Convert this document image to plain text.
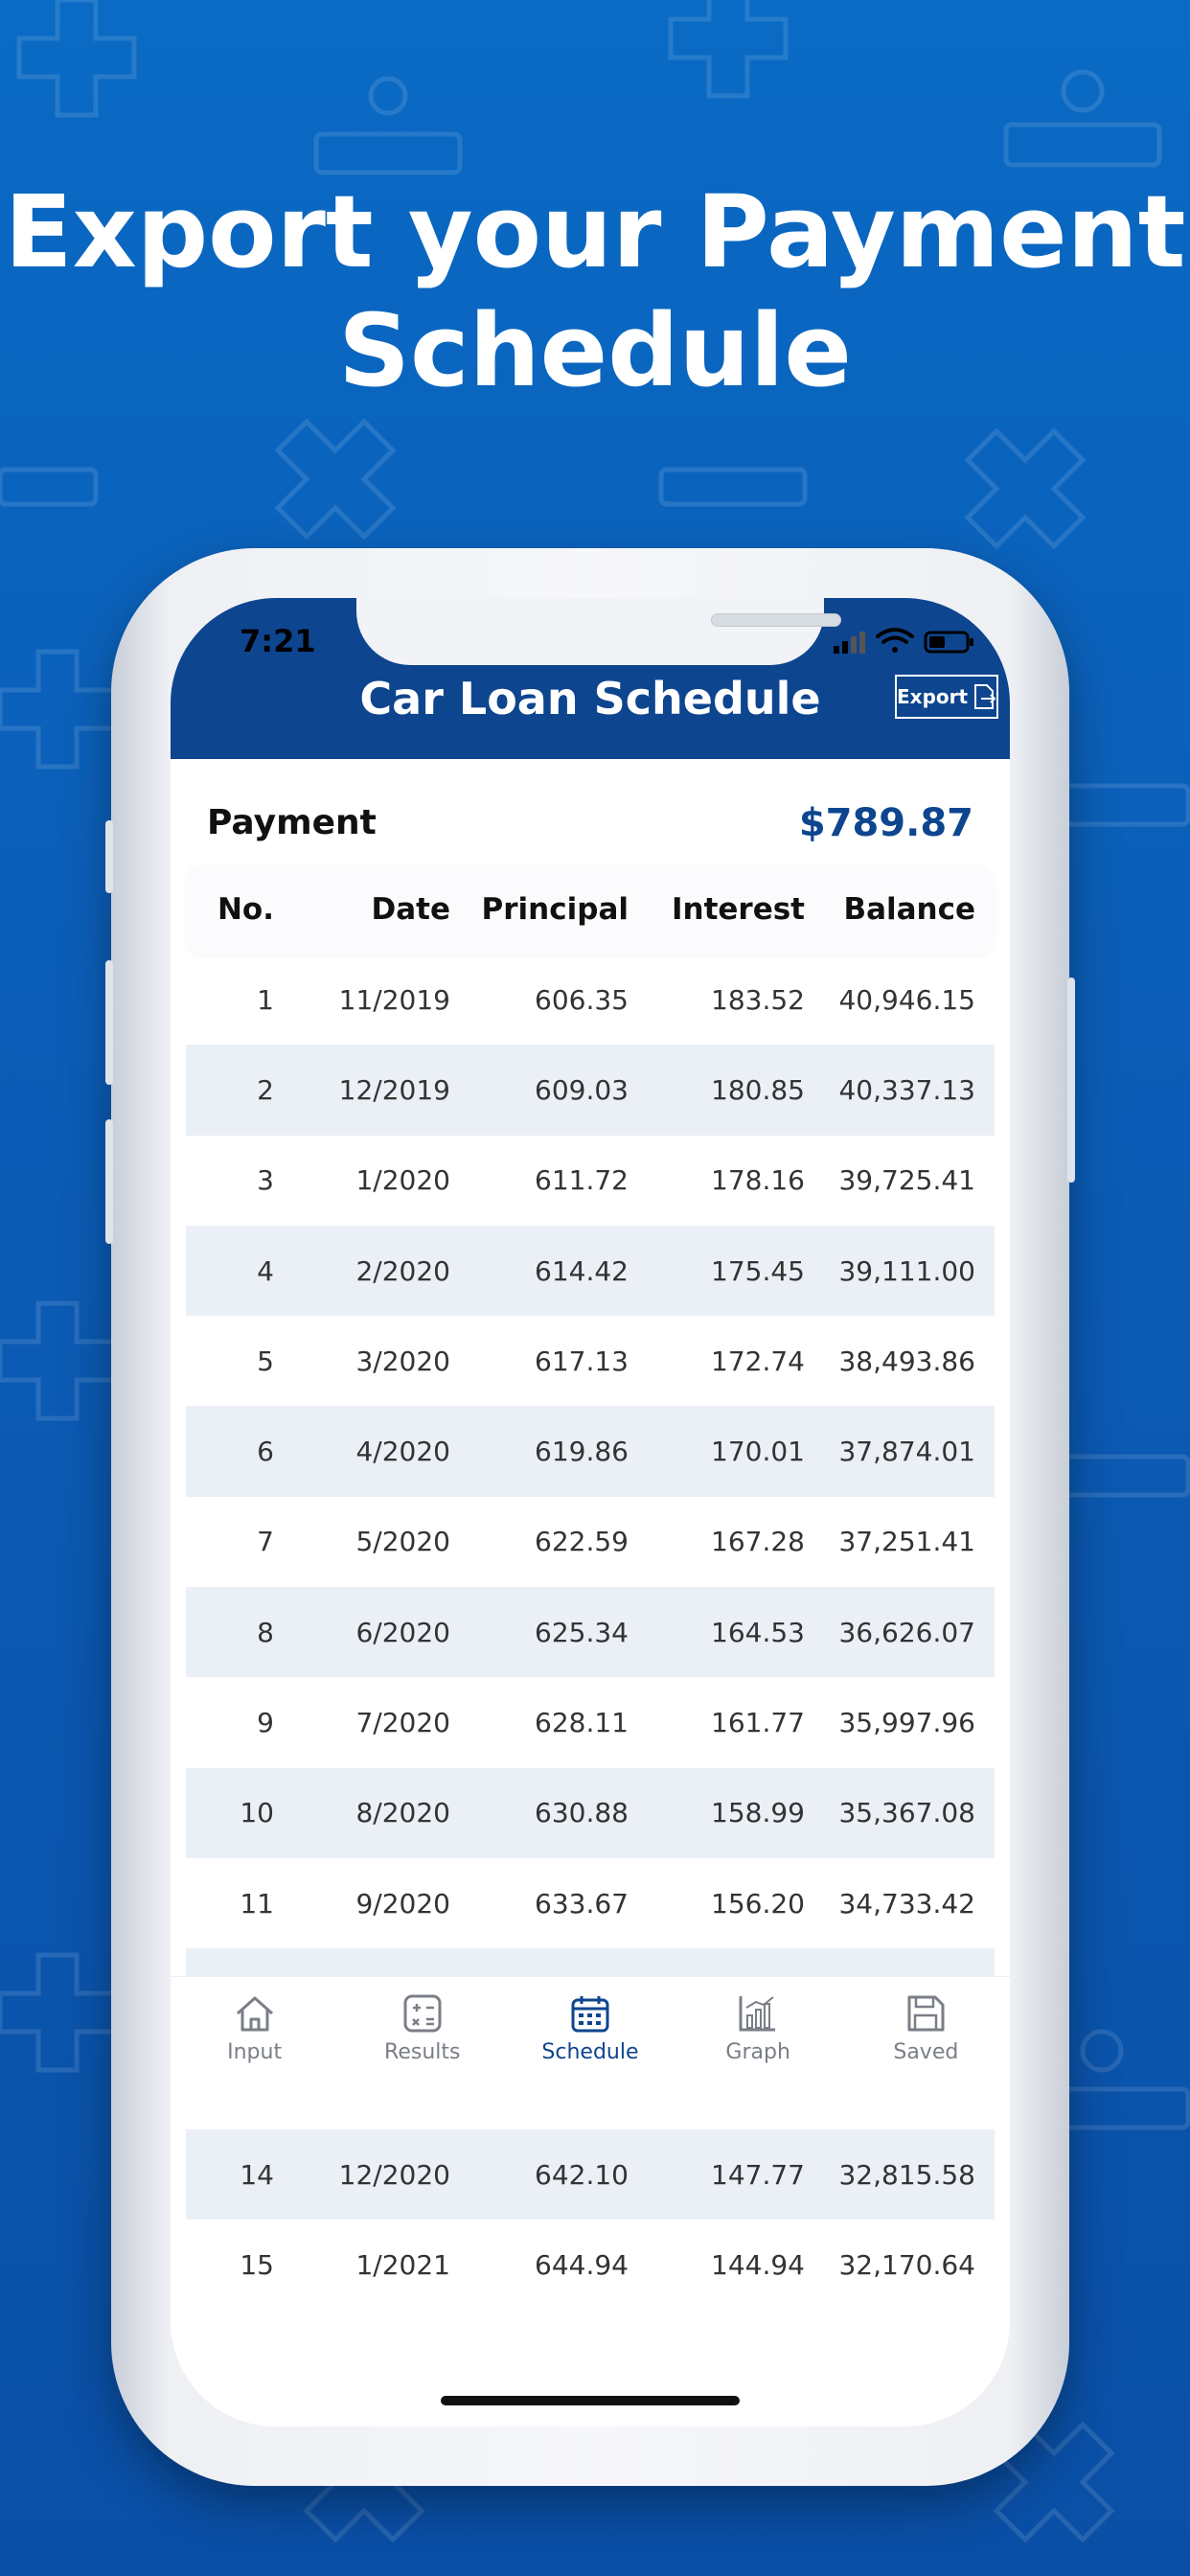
Export your Payment
Schedule
7:21
Car Loan Schedule	Export
Payment	$789.87
No.	Date	Principal	Interest	Balance
1	11/2019	606.35	183.52	40,946.15
2	12/2019	609.03	180.85	40,337.13
3	1/2020	611.72	178.16	39,725.41
4	2/2020	614.42	175.45	39,111.00
5	3/2020	617.13	172.74	38,493.86
6	4/2020	619.86	170.01	37,874.01
7	5/2020	622.59	167.28	37,251.41
8	6/2020	625.34	164.53	36,626.07
9	7/2020	628.11	161.77	35,997.96
10	8/2020	630.88	158.99	35,367.08
11	9/2020	633.67	156.20	34,733.42
14	12/2020	642.10	147.77	32,815.58
15	1/2021	644.94	144.94	32,170.64
Input	Results	Schedule	Graph	Saved
